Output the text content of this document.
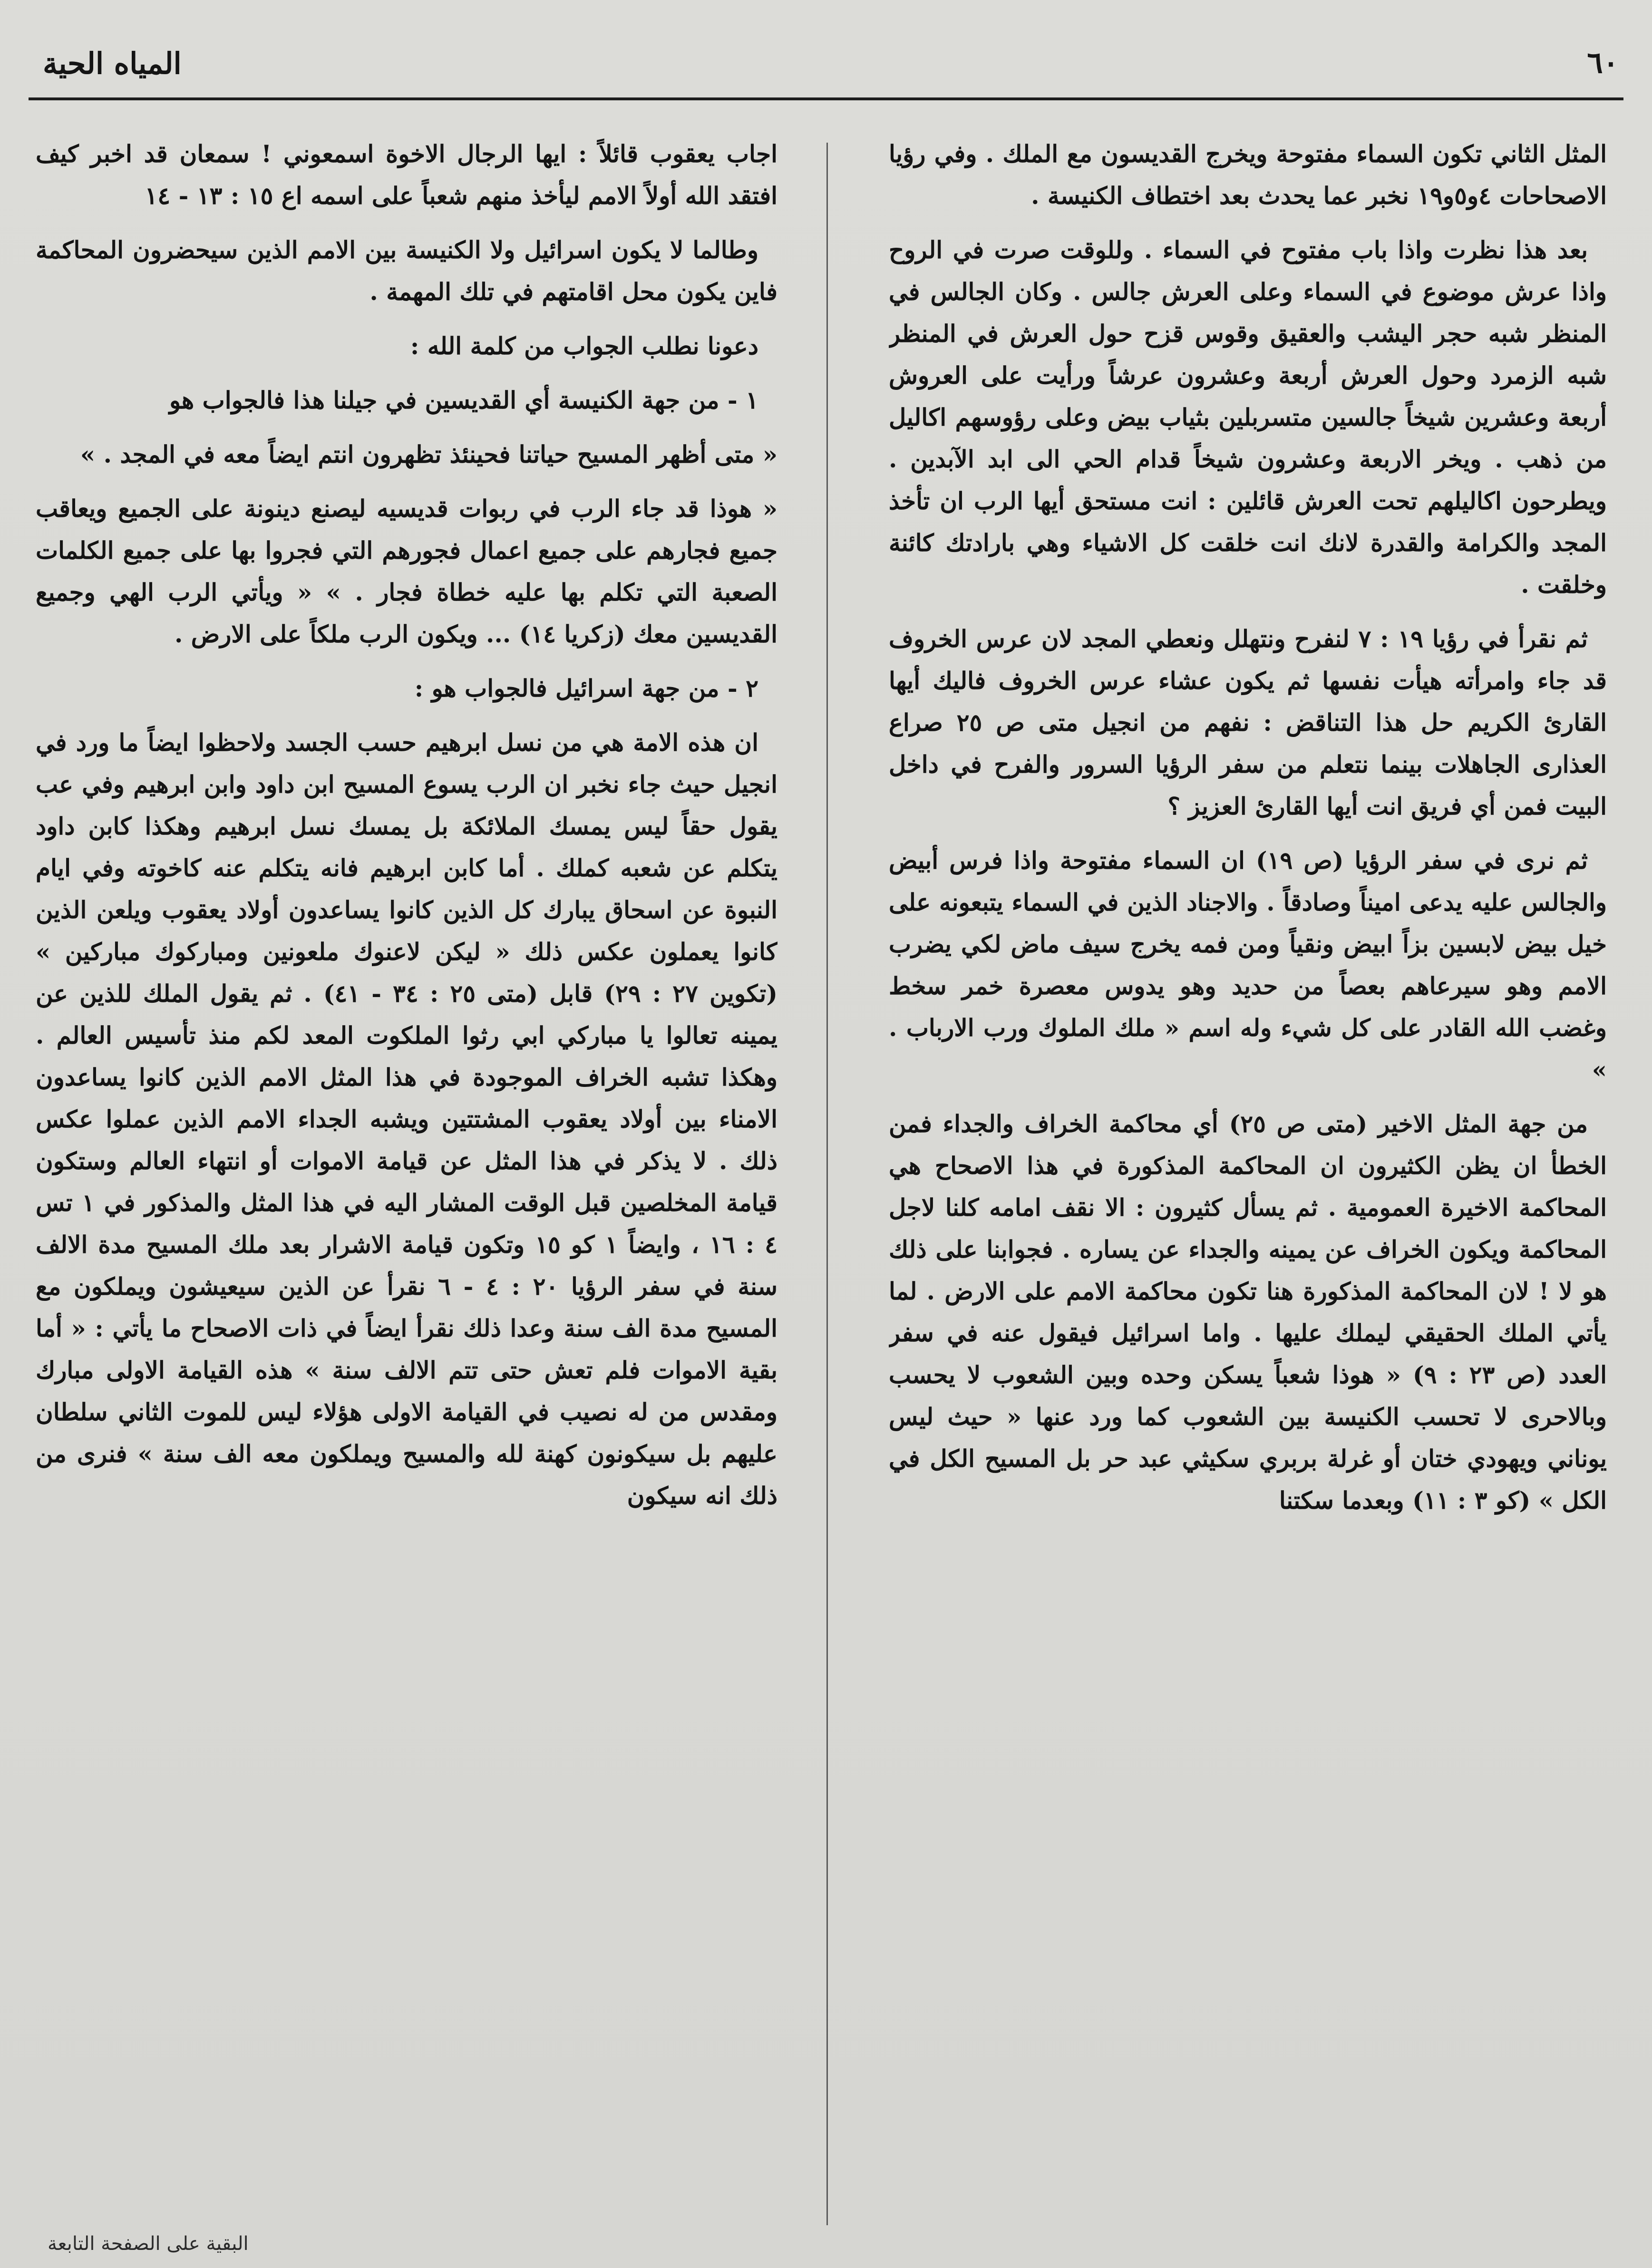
٦٠
المياه الحية

المثل الثاني تكون السماء مفتوحة ويخرج القديسون مع الملك . وفي رؤيا الاصحاحات ٤و٥و١٩ نخبر عما يحدث بعد اختطاف الكنيسة .

بعد هذا نظرت واذا باب مفتوح في السماء . وللوقت صرت في الروح واذا عرش موضوع في السماء وعلى العرش جالس . وكان الجالس في المنظر شبه حجر اليشب والعقيق وقوس قزح حول العرش في المنظر شبه الزمرد وحول العرش أربعة وعشرون عرشاً ورأيت على العروش أربعة وعشرين شيخاً جالسين متسربلين بثياب بيض وعلى رؤوسهم اكاليل من ذهب . ويخر الاربعة وعشرون شيخاً قدام الحي الى ابد الآبدين . ويطرحون اكاليلهم تحت العرش قائلين : انت مستحق أيها الرب ان تأخذ المجد والكرامة والقدرة لانك انت خلقت كل الاشياء وهي بارادتك كائنة وخلقت .

ثم نقرأ في رؤيا ١٩ : ٧ لنفرح ونتهلل ونعطي المجد لان عرس الخروف قد جاء وامرأته هيأت نفسها ثم يكون عشاء عرس الخروف فاليك أيها القارئ الكريم حل هذا التناقض : نفهم من انجيل متى ص ٢٥ صراع العذارى الجاهلات بينما نتعلم من سفر الرؤيا السرور والفرح في داخل البيت فمن أي فريق انت أيها القارئ العزيز ؟

ثم نرى في سفر الرؤيا (ص ١٩) ان السماء مفتوحة واذا فرس أبيض والجالس عليه يدعى اميناً وصادقاً . والاجناد الذين في السماء يتبعونه على خيل بيض لابسين بزاً ابيض ونقياً ومن فمه يخرج سيف ماض لكي يضرب الامم وهو سيرعاهم بعصاً من حديد وهو يدوس معصرة خمر سخط وغضب الله القادر على كل شيء وله اسم « ملك الملوك ورب الارباب . »

من جهة المثل الاخير (متى ص ٢٥) أي محاكمة الخراف والجداء فمن الخطأ ان يظن الكثيرون ان المحاكمة المذكورة في هذا الاصحاح هي المحاكمة الاخيرة العمومية . ثم يسأل كثيرون : الا نقف امامه كلنا لاجل المحاكمة ويكون الخراف عن يمينه والجداء عن يساره . فجوابنا على ذلك هو لا ! لان المحاكمة المذكورة هنا تكون محاكمة الامم على الارض . لما يأتي الملك الحقيقي ليملك عليها . واما اسرائيل فيقول عنه في سفر العدد (ص ٢٣ : ٩) « هوذا شعباً يسكن وحده وبين الشعوب لا يحسب وبالاحرى لا تحسب الكنيسة بين الشعوب كما ورد عنها « حيث ليس يوناني ويهودي ختان أو غرلة بربري سكيثي عبد حر بل المسيح الكل في الكل » (كو ٣ : ١١) وبعدما سكتنا

اجاب يعقوب قائلاً : ايها الرجال الاخوة اسمعوني ! سمعان قد اخبر كيف افتقد الله أولاً الامم ليأخذ منهم شعباً على اسمه اع ١٥ : ١٣ - ١٤

وطالما لا يكون اسرائيل ولا الكنيسة بين الامم الذين سيحضرون المحاكمة فاين يكون محل اقامتهم في تلك المهمة .

دعونا نطلب الجواب من كلمة الله :

١ - من جهة الكنيسة أي القديسين في جيلنا هذا فالجواب هو

« متى أظهر المسيح حياتنا فحينئذ تظهرون انتم ايضاً معه في المجد . »

« هوذا قد جاء الرب في ربوات قديسيه ليصنع دينونة على الجميع ويعاقب جميع فجارهم على جميع اعمال فجورهم التي فجروا بها على جميع الكلمات الصعبة التي تكلم بها عليه خطاة فجار . » « ويأتي الرب الهي وجميع القديسين معك (زكريا ١٤) ... ويكون الرب ملكاً على الارض .

٢ - من جهة اسرائيل فالجواب هو :

ان هذه الامة هي من نسل ابرهيم حسب الجسد ولاحظوا ايضاً ما ورد في انجيل حيث جاء نخبر ان الرب يسوع المسيح ابن داود وابن ابرهيم وفي عب يقول حقاً ليس يمسك الملائكة بل يمسك نسل ابرهيم وهكذا كابن داود يتكلم عن شعبه كملك . أما كابن ابرهيم فانه يتكلم عنه كاخوته وفي ايام النبوة عن اسحاق يبارك كل الذين كانوا يساعدون أولاد يعقوب ويلعن الذين كانوا يعملون عكس ذلك « ليكن لاعنوك ملعونين ومباركوك مباركين » (تكوين ٢٧ : ٢٩) قابل (متى ٢٥ : ٣٤ - ٤١) . ثم يقول الملك للذين عن يمينه تعالوا يا مباركي ابي رثوا الملكوت المعد لكم منذ تأسيس العالم . وهكذا تشبه الخراف الموجودة في هذا المثل الامم الذين كانوا يساعدون الامناء بين أولاد يعقوب المشتتين ويشبه الجداء الامم الذين عملوا عكس ذلك . لا يذكر في هذا المثل عن قيامة الاموات أو انتهاء العالم وستكون قيامة المخلصين قبل الوقت المشار اليه في هذا المثل والمذكور في ١ تس ٤ : ١٦ ، وايضاً ١ كو ١٥ وتكون قيامة الاشرار بعد ملك المسيح مدة الالف سنة في سفر الرؤيا ٢٠ : ٤ - ٦ نقرأ عن الذين سيعيشون ويملكون مع المسيح مدة الف سنة وعدا ذلك نقرأ ايضاً في ذات الاصحاح ما يأتي : « أما بقية الاموات فلم تعش حتى تتم الالف سنة » هذه القيامة الاولى مبارك ومقدس من له نصيب في القيامة الاولى هؤلاء ليس للموت الثاني سلطان عليهم بل سيكونون كهنة لله والمسيح ويملكون معه الف سنة » فنرى من ذلك انه سيكون

البقية على الصفحة التابعة
